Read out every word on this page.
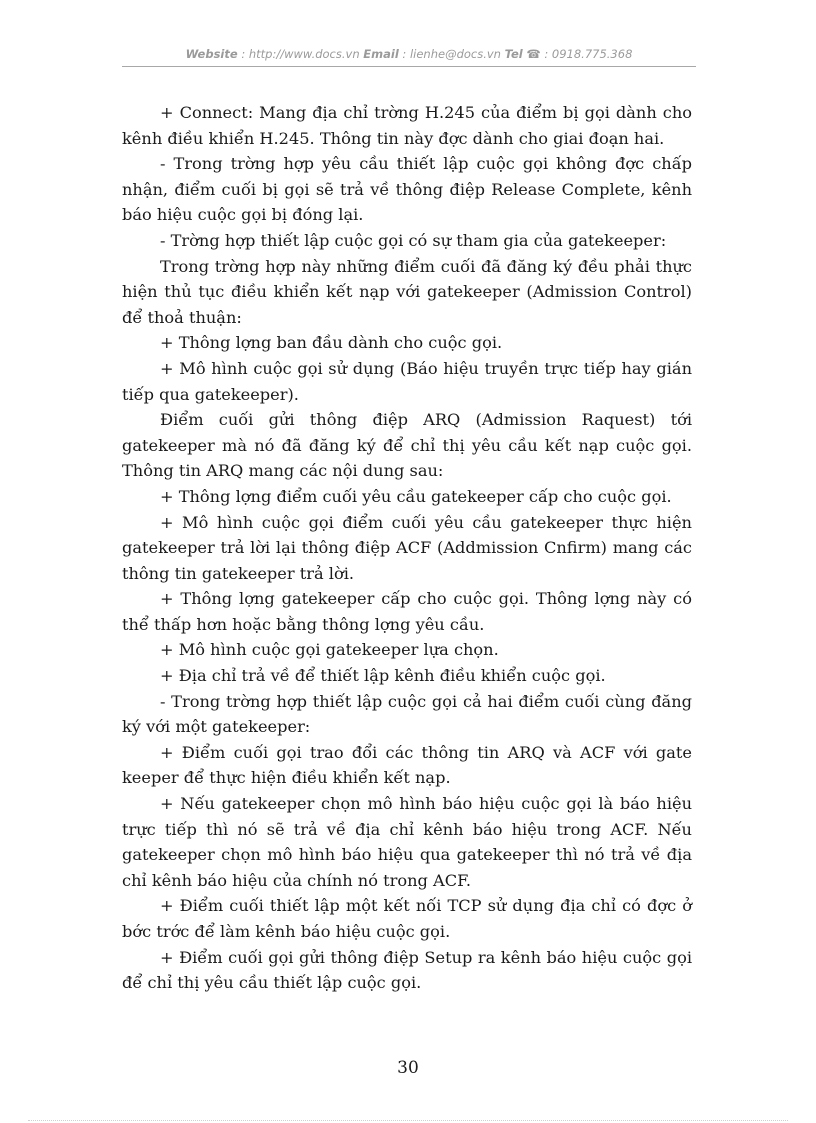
Website : http://www.docs.vn Email : lienhe@docs.vn Tel ☎ : 0918.775.368

+ Connect: Mang địa chỉ trờng H.245 của điểm bị gọi dành cho kênh điều khiển H.245. Thông tin này đợc dành cho giai đoạn hai.

- Trong trờng hợp yêu cầu thiết lập cuộc gọi không đợc chấp nhận, điểm cuối bị gọi sẽ trả về thông điệp Release Complete, kênh báo hiệu cuộc gọi bị đóng lại.

- Trờng hợp thiết lập cuộc gọi có sự tham gia của gatekeeper:

Trong trờng hợp này những điểm cuối đã đăng ký đều phải thực hiện thủ tục điều khiển kết nạp với gatekeeper (Admission Control) để thoả thuận:

+ Thông lợng ban đầu dành cho cuộc gọi.

+ Mô hình cuộc gọi sử dụng (Báo hiệu truyền trực tiếp hay gián tiếp qua gatekeeper).

Điểm cuối gửi thông điệp ARQ (Admission Raquest) tới gatekeeper mà nó đã đăng ký để chỉ thị yêu cầu kết nạp cuộc gọi. Thông tin ARQ mang các nội dung sau:

+ Thông lợng điểm cuối yêu cầu gatekeeper cấp cho cuộc gọi.

+ Mô hình cuộc gọi điểm cuối yêu cầu gatekeeper thực hiện gatekeeper trả lời lại thông điệp ACF (Addmission Cnfirm) mang các thông tin gatekeeper trả lời.

+ Thông lợng gatekeeper cấp cho cuộc gọi. Thông lợng này có thể thấp hơn hoặc bằng thông lợng yêu cầu.

+ Mô hình cuộc gọi gatekeeper lựa chọn.

+ Địa chỉ trả về để thiết lập kênh điều khiển cuộc gọi.

- Trong trờng hợp thiết lập cuộc gọi cả hai điểm cuối cùng đăng ký với một gatekeeper:

+ Điểm cuối gọi trao đổi các thông tin ARQ và ACF với gate keeper để thực hiện điều khiển kết nạp.

+ Nếu gatekeeper chọn mô hình báo hiệu cuộc gọi là báo hiệu trực tiếp thì nó sẽ trả về địa chỉ kênh báo hiệu trong ACF. Nếu gatekeeper chọn mô hình báo hiệu qua gatekeeper thì nó trả về địa chỉ kênh báo hiệu của chính nó trong ACF.

+ Điểm cuối thiết lập một kết nối TCP sử dụng địa chỉ có đợc ở bớc trớc để làm kênh báo hiệu cuộc gọi.

+ Điểm cuối gọi gửi thông điệp Setup ra kênh báo hiệu cuộc gọi để chỉ thị yêu cầu thiết lập cuộc gọi.

30
